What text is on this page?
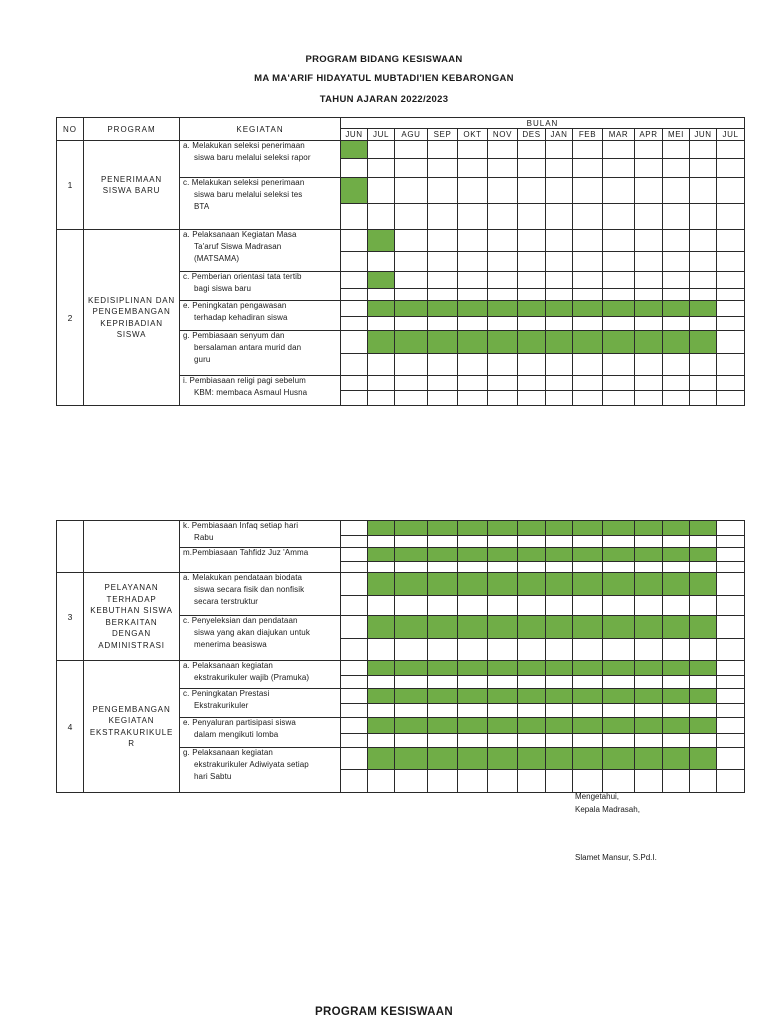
PROGRAM BIDANG KESISWAAN
MA MA'ARIF HIDAYATUL MUBTADI'IEN KEBARONGAN
TAHUN AJARAN 2022/2023
NO	PROGRAM	KEGIATAN
BULAN
JUN JUL AGU SEP OKT NOV DES JAN FEB MAR APR MEI JUN JUL
1
PENERIMAAN
SISWA BARU
a. Melakukan seleksi penerimaan
siswa baru melalui seleksi rapor
c. Melakukan seleksi penerimaan
siswa baru melalui seleksi tes
BTA
2
KEDISIPLINAN DAN
PENGEMBANGAN
KEPRIBADIAN
SISWA
a. Pelaksanaan Kegiatan Masa
Ta'aruf Siswa Madrasan
(MATSAMA)
c. Pemberian orientasi tata tertib
bagi siswa baru
e. Peningkatan pengawasan
terhadap kehadiran siswa
g. Pembiasaan senyum dan
bersalaman antara murid dan
guru
i. Pembiasaan religi pagi sebelum
KBM: membaca Asmaul Husna
k. Pembiasaan Infaq setiap hari
Rabu
m.Pembiasaan Tahfidz Juz 'Amma
3
PELAYANAN
TERHADAP
KEBUTHAN SISWA
BERKAITAN
DENGAN
ADMINISTRASI
a. Melakukan pendataan biodata
siswa secara fisik dan nonfisik
secara terstruktur
c. Penyeleksian dan pendataan
siswa yang akan diajukan untuk
menerima beasiswa
4
PENGEMBANGAN
KEGIATAN
EKSTRAKURIKULE
R
a. Pelaksanaan kegiatan
ekstrakurikuler wajib (Pramuka)
c. Peningkatan Prestasi
Ekstrakurikuler
e. Penyaluran partisipasi siswa
dalam mengikuti lomba
g. Pelaksanaan kegiatan
ekstrakurikuler Adiwiyata setiap
hari Sabtu
Mengetahui,
Kepala Madrasah,
Slamet Mansur, S.Pd.I.
PROGRAM KESISWAAN
